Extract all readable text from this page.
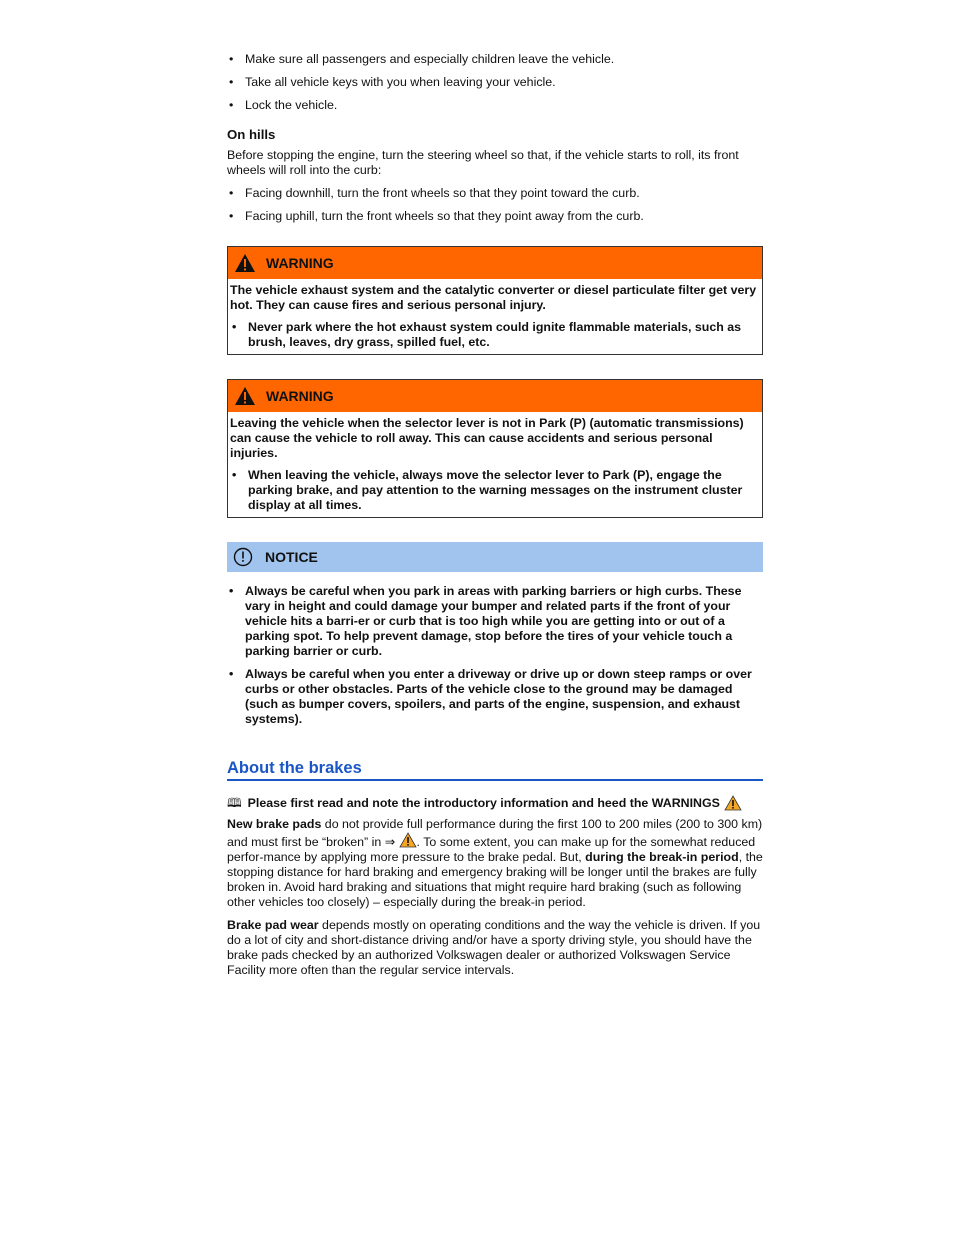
• Make sure all passengers and especially children leave the vehicle.
• Take all vehicle keys with you when leaving your vehicle.
• Lock the vehicle.
On hills

Before stopping the engine, turn the steering wheel so that, if the vehicle starts to roll, its front wheels will roll into the curb:

• Facing downhill, turn the front wheels so that they point toward the curb.
• Facing uphill, turn the front wheels so that they point away from the curb.
WARNING

The vehicle exhaust system and the catalytic converter or diesel particulate filter get very hot. They can cause fires and serious personal injury.

• Never park where the hot exhaust system could ignite flammable materials, such as brush, leaves, dry grass, spilled fuel, etc.
WARNING

Leaving the vehicle when the selector lever is not in Park (P) (automatic transmissions) can cause the vehicle to roll away. This can cause accidents and serious personal injuries.

• When leaving the vehicle, always move the selector lever to Park (P), engage the parking brake, and pay attention to the warning messages on the instrument cluster display at all times.
NOTICE
• Always be careful when you park in areas with parking barriers or high curbs. These vary in height and could damage your bumper and related parts if the front of your vehicle hits a barri-er or curb that is too high while you are getting into or out of a parking spot. To help prevent damage, stop before the tires of your vehicle touch a parking barrier or curb.
• Always be careful when you enter a driveway or drive up or down steep ramps or over curbs or other obstacles. Parts of the vehicle close to the ground may be damaged (such as bumper covers, spoilers, and parts of the engine, suspension, and exhaust systems).
About the brakes
🕮 Please first read and note the introductory information and heed the WARNINGS

New brake pads do not provide full performance during the first 100 to 200 miles (200 to 300 km) and must first be “broken” in ⇒ . To some extent, you can make up for the somewhat reduced perfor-mance by applying more pressure to the brake pedal. But, during the break-in period, the stopping distance for hard braking and emergency braking will be longer until the brakes are fully broken in. Avoid hard braking and situations that might require hard braking (such as following other vehicles too closely) – especially during the break-in period.

Brake pad wear depends mostly on operating conditions and the way the vehicle is driven. If you do a lot of city and short-distance driving and/or have a sporty driving style, you should have the brake pads checked by an authorized Volkswagen dealer or authorized Volkswagen Service Facility more often than the regular service intervals.
